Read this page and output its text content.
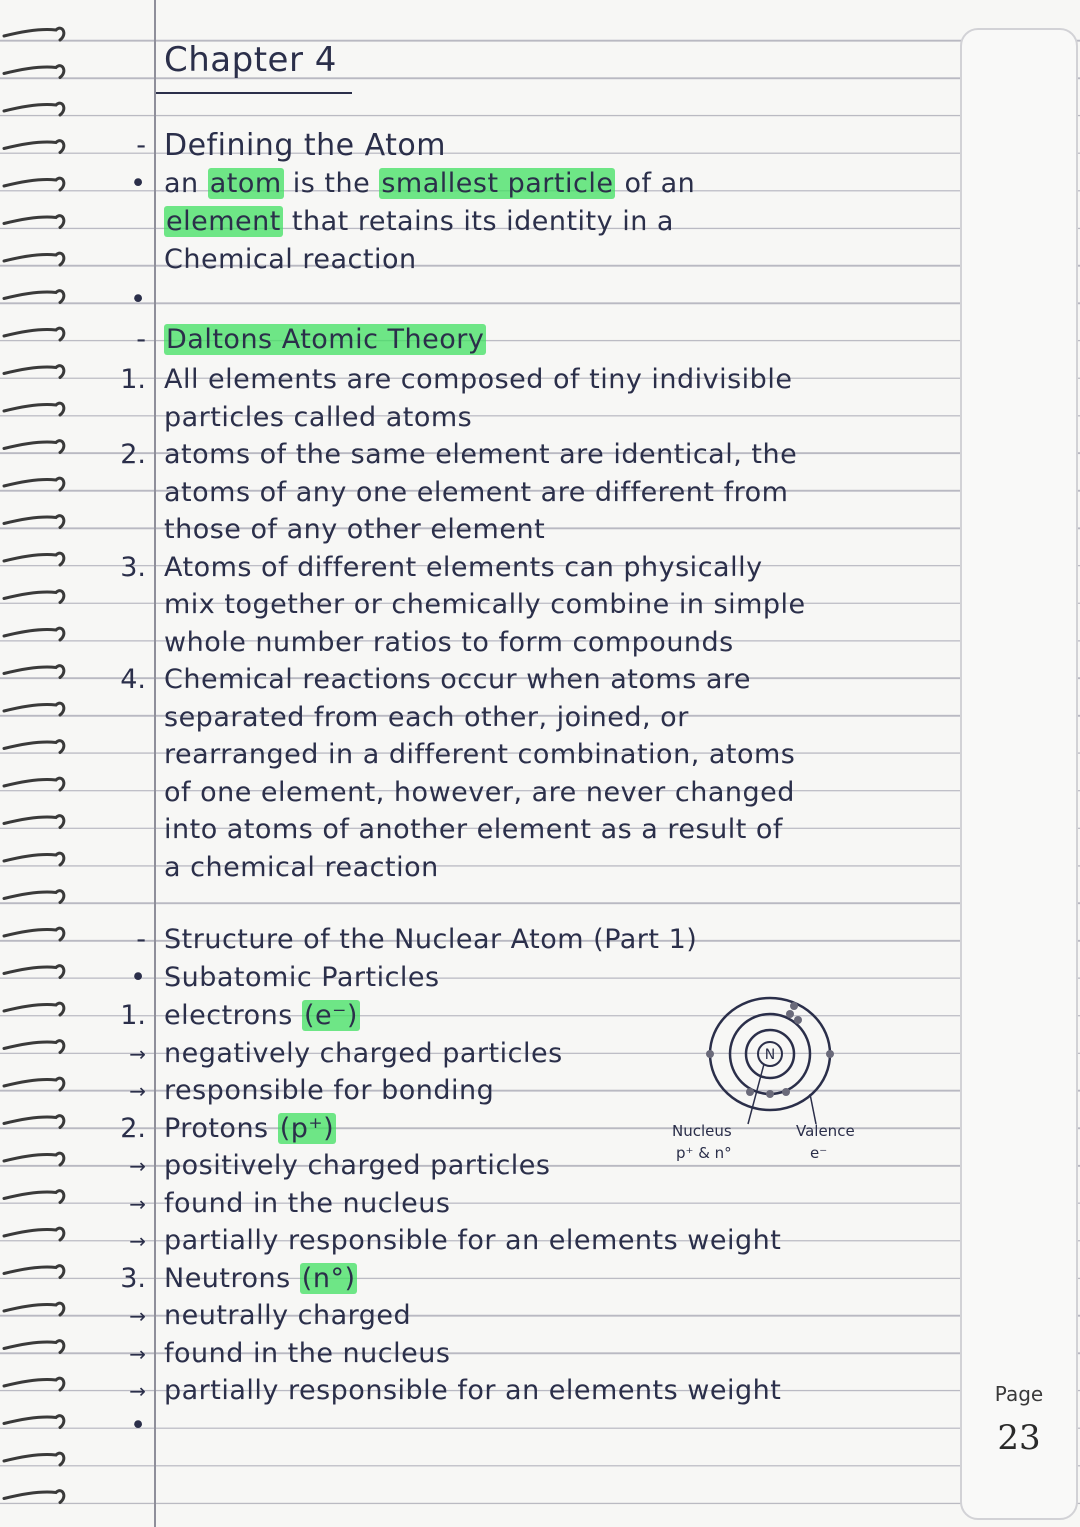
Page
23
Chapter 4
- Defining the Atom
• an atom is the smallest particle of an
element that retains its identity in a
Chemical reaction
•
- Daltons Atomic Theory
1. All elements are composed of tiny indivisible
particles called atoms
2. atoms of the same element are identical, the
atoms of any one element are different from
those of any other element
3. Atoms of different elements can physically
mix together or chemically combine in simple
whole number ratios to form compounds
4. Chemical reactions occur when atoms are
separated from each other, joined, or
rearranged in a different combination, atoms
of one element, however, are never changed
into atoms of another element as a result of
a chemical reaction
- Structure of the Nuclear Atom (Part 1)
• Subatomic Particles
1. electrons (e⁻)
→ negatively charged particles
→ responsible for bonding
2. Protons (p⁺)
→ positively charged particles
→ found in the nucleus
→ partially responsible for an elements weight
3. Neutrons (n°)
→ neutrally charged
→ found in the nucleus
→ partially responsible for an elements weight
•
N
Nucleus
p⁺ & n°
Valence
e⁻
